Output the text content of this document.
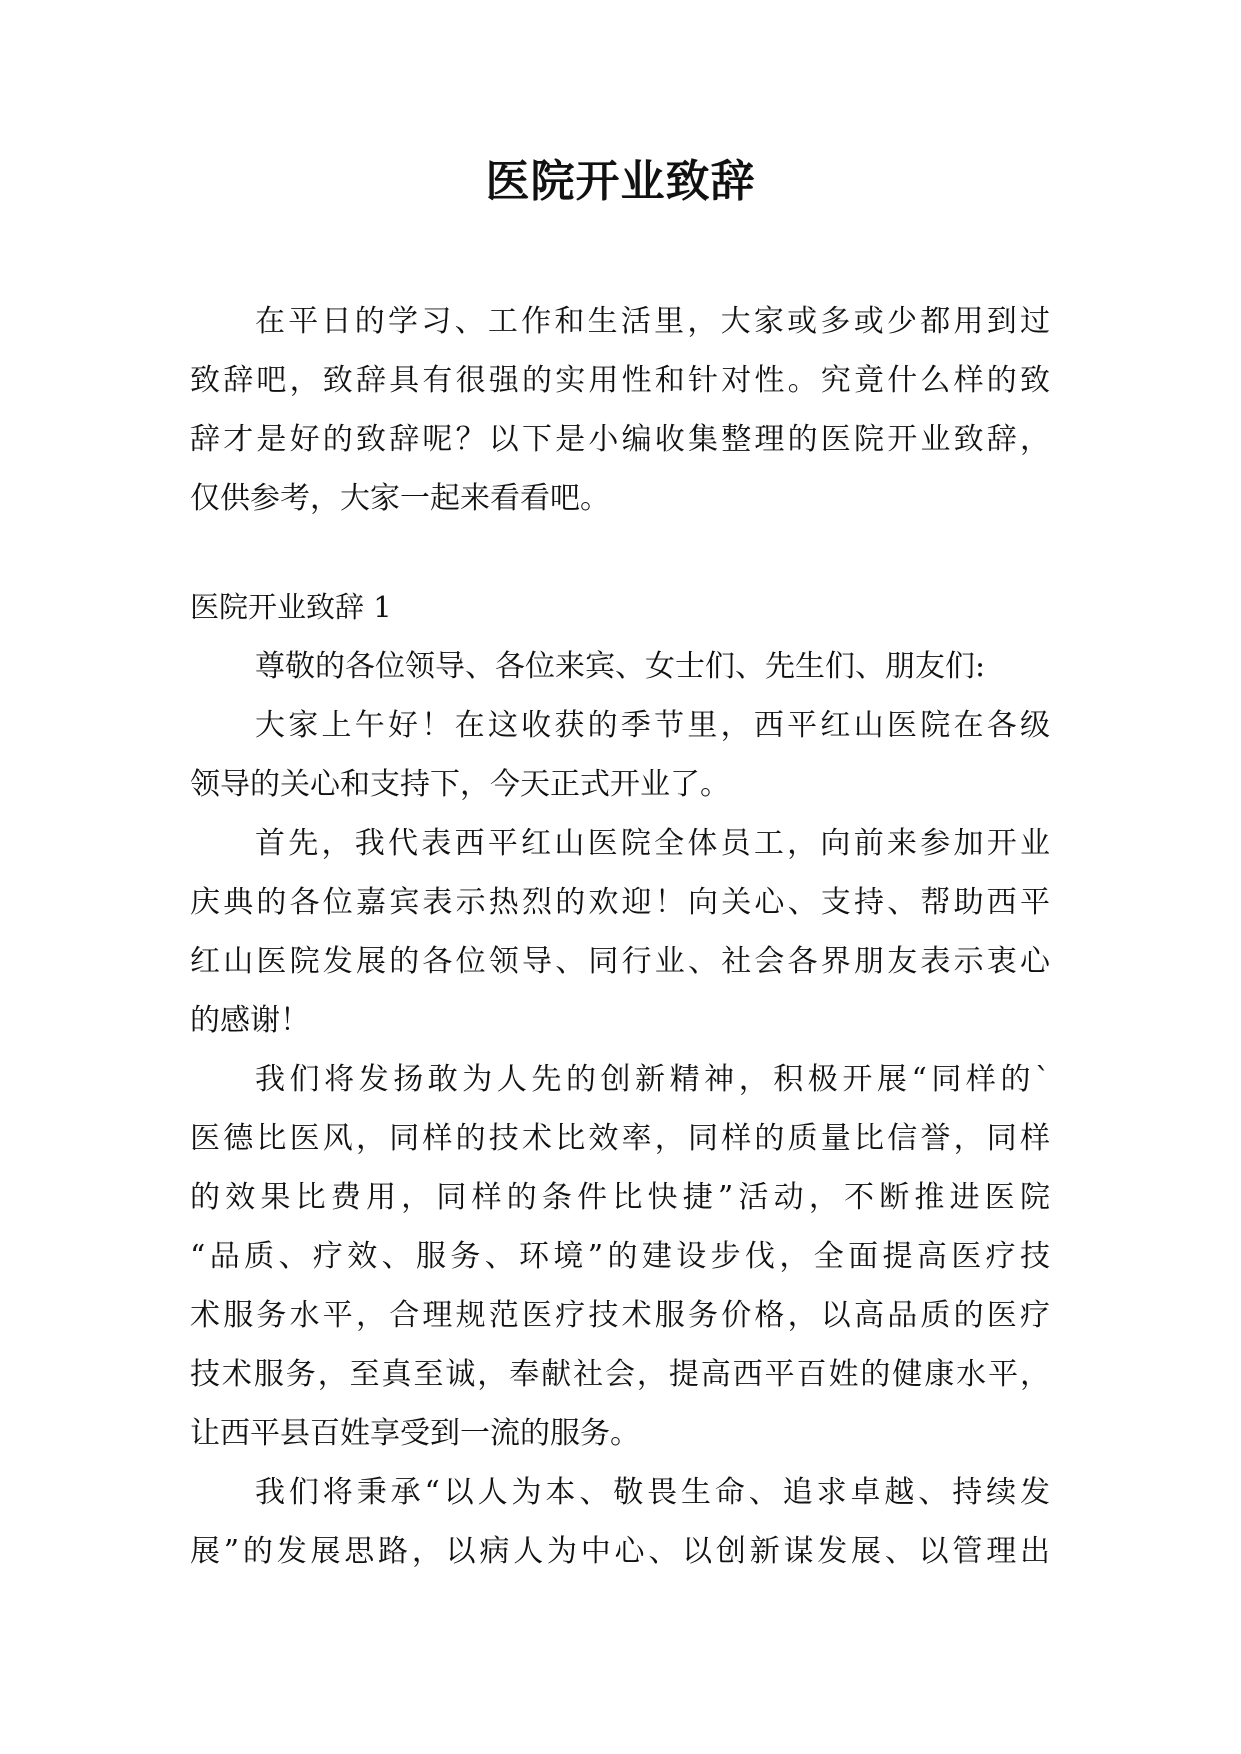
医院开业致辞
在平日的学习、工作和生活里，大家或多或少都用到过
致辞吧，致辞具有很强的实用性和针对性。究竟什么样的致
辞才是好的致辞呢？以下是小编收集整理的医院开业致辞，
仅供参考，大家一起来看看吧。
医院开业致辞 1
尊敬的各位领导、各位来宾、女士们、先生们、朋友们:
大家上午好！在这收获的季节里，西平红山医院在各级
领导的关心和支持下，今天正式开业了。
首先，我代表西平红山医院全体员工，向前来参加开业
庆典的各位嘉宾表示热烈的欢迎！向关心、支持、帮助西平
红山医院发展的各位领导、同行业、社会各界朋友表示衷心
的感谢！
我们将发扬敢为人先的创新精神，积极开展“同样的`
医德比医风，同样的技术比效率，同样的质量比信誉，同样
的效果比费用，同样的条件比快捷”活动，不断推进医院
“品质、疗效、服务、环境”的建设步伐，全面提高医疗技
术服务水平，合理规范医疗技术服务价格，以高品质的医疗
技术服务，至真至诚，奉献社会，提高西平百姓的健康水平，
让西平县百姓享受到一流的服务。
我们将秉承“以人为本、敬畏生命、追求卓越、持续发
展”的发展思路，以病人为中心、以创新谋发展、以管理出
